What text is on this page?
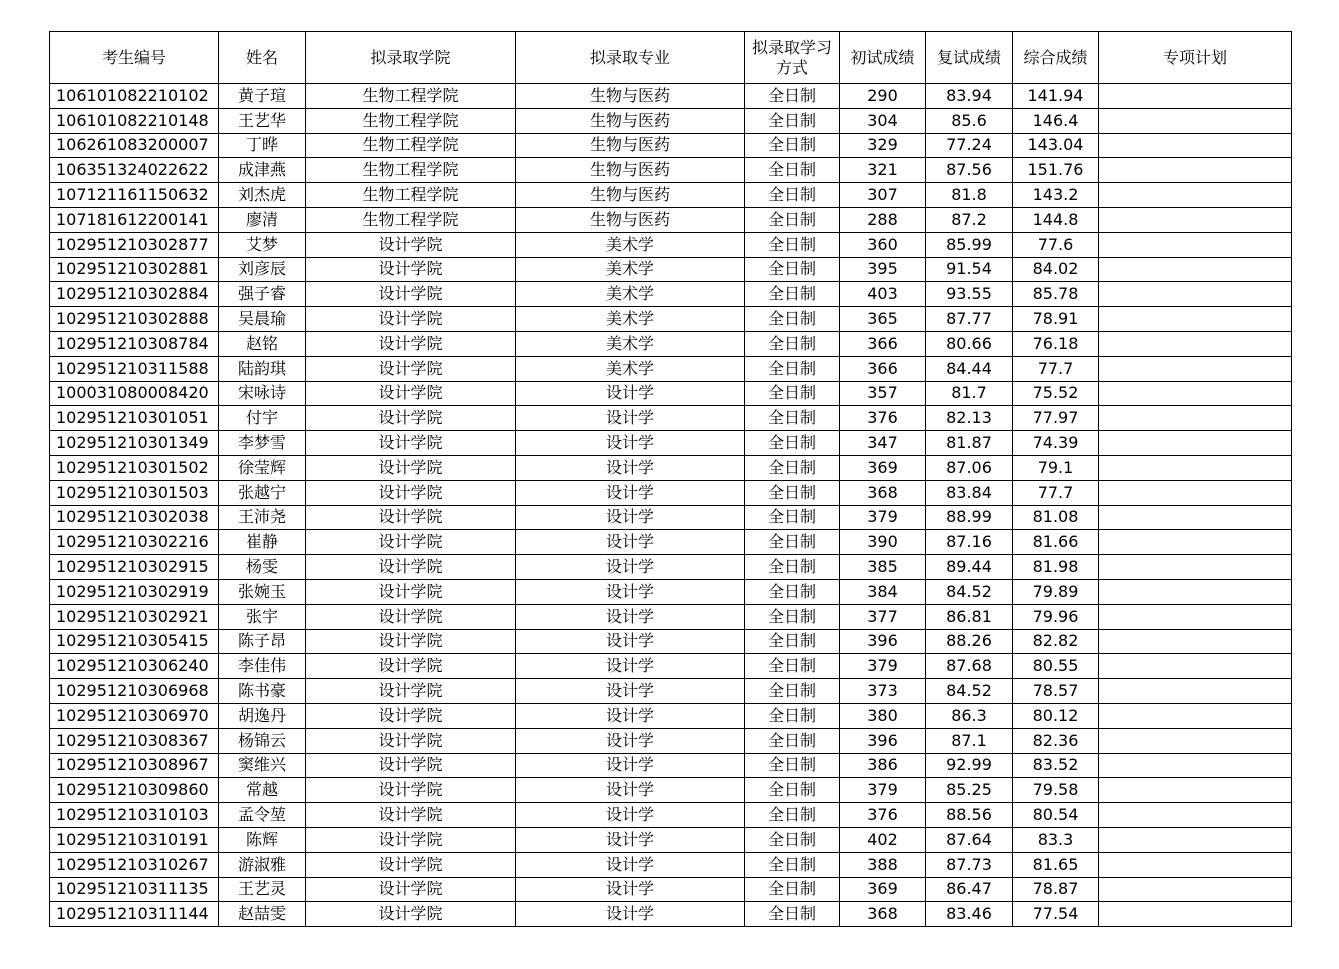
考生编号	姓名	拟录取学院	拟录取专业	拟录取学习方式	初试成绩	复试成绩	综合成绩	专项计划
106101082210102	黄子瑄	生物工程学院	生物与医药	全日制	290	83.94	141.94	
106101082210148	王艺华	生物工程学院	生物与医药	全日制	304	85.6	146.4	
106261083200007	丁晔	生物工程学院	生物与医药	全日制	329	77.24	143.04	
106351324022622	成津燕	生物工程学院	生物与医药	全日制	321	87.56	151.76	
107121161150632	刘杰虎	生物工程学院	生物与医药	全日制	307	81.8	143.2	
107181612200141	廖清	生物工程学院	生物与医药	全日制	288	87.2	144.8	
102951210302877	艾梦	设计学院	美术学	全日制	360	85.99	77.6	
102951210302881	刘彦辰	设计学院	美术学	全日制	395	91.54	84.02	
102951210302884	强子睿	设计学院	美术学	全日制	403	93.55	85.78	
102951210302888	吴晨瑜	设计学院	美术学	全日制	365	87.77	78.91	
102951210308784	赵铭	设计学院	美术学	全日制	366	80.66	76.18	
102951210311588	陆韵琪	设计学院	美术学	全日制	366	84.44	77.7	
100031080008420	宋咏诗	设计学院	设计学	全日制	357	81.7	75.52	
102951210301051	付宇	设计学院	设计学	全日制	376	82.13	77.97	
102951210301349	李梦雪	设计学院	设计学	全日制	347	81.87	74.39	
102951210301502	徐莹辉	设计学院	设计学	全日制	369	87.06	79.1	
102951210301503	张越宁	设计学院	设计学	全日制	368	83.84	77.7	
102951210302038	王沛尧	设计学院	设计学	全日制	379	88.99	81.08	
102951210302216	崔静	设计学院	设计学	全日制	390	87.16	81.66	
102951210302915	杨雯	设计学院	设计学	全日制	385	89.44	81.98	
102951210302919	张婉玉	设计学院	设计学	全日制	384	84.52	79.89	
102951210302921	张宇	设计学院	设计学	全日制	377	86.81	79.96	
102951210305415	陈子昂	设计学院	设计学	全日制	396	88.26	82.82	
102951210306240	李佳伟	设计学院	设计学	全日制	379	87.68	80.55	
102951210306968	陈书豪	设计学院	设计学	全日制	373	84.52	78.57	
102951210306970	胡逸丹	设计学院	设计学	全日制	380	86.3	80.12	
102951210308367	杨锦云	设计学院	设计学	全日制	396	87.1	82.36	
102951210308967	窦维兴	设计学院	设计学	全日制	386	92.99	83.52	
102951210309860	常越	设计学院	设计学	全日制	379	85.25	79.58	
102951210310103	孟令堃	设计学院	设计学	全日制	376	88.56	80.54	
102951210310191	陈辉	设计学院	设计学	全日制	402	87.64	83.3	
102951210310267	游淑雅	设计学院	设计学	全日制	388	87.73	81.65	
102951210311135	王艺灵	设计学院	设计学	全日制	369	86.47	78.87	
102951210311144	赵喆雯	设计学院	设计学	全日制	368	83.46	77.54	
